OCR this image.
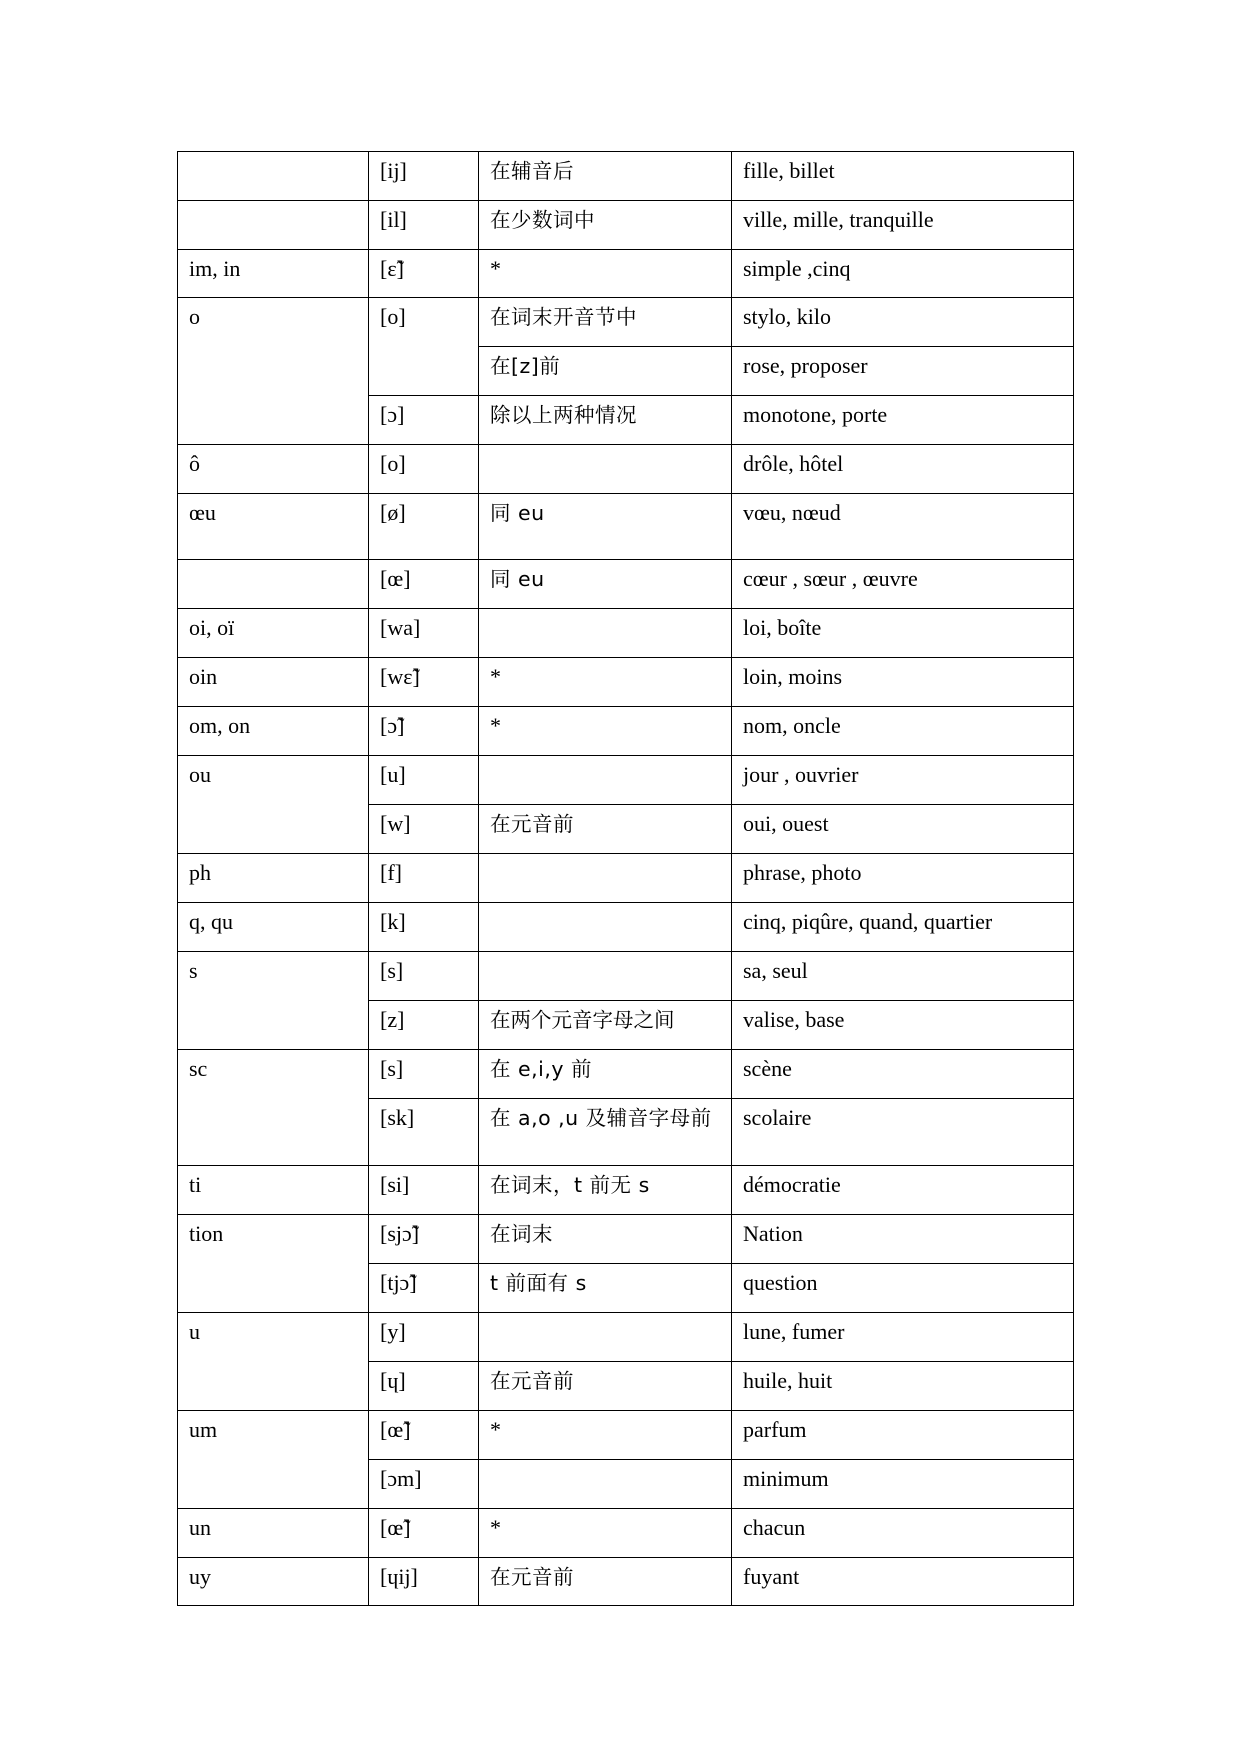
	[ij]	在辅音后	fille, billet
	[il]	在少数词中	ville, mille, tranquille
im, in	[ɛ̃]	*	simple ,cinq
o	[o]	在词末开音节中	stylo, kilo
		在[z]前	rose, proposer
	[ɔ]	除以上两种情况	monotone, porte
ô	[o]		drôle, hôtel
œu	[ø]	同 eu	vœu, nœud
	[œ]	同 eu	cœur , sœur , œuvre
oi, oï	[wa]		loi, boîte
oin	[wɛ̃]	*	loin, moins
om, on	[ɔ̃]	*	nom, oncle
ou	[u]		jour , ouvrier
	[w]	在元音前	oui, ouest
ph	[f]		phrase, photo
q, qu	[k]		cinq, piqûre, quand, quartier
s	[s]		sa, seul
	[z]	在两个元音字母之间	valise, base
sc	[s]	在 e,i,y 前	scène
	[sk]	在 a,o ,u 及辅音字母前	scolaire
ti	[si]	在词末，t 前无 s	démocratie
tion	[sjɔ̃]	在词末	Nation
	[tjɔ̃]	t 前面有 s	question
u	[y]		lune, fumer
	[ɥ]	在元音前	huile, huit
um	[œ̃]	*	parfum
	[ɔm]		minimum
un	[œ̃]	*	chacun
uy	[ɥij]	在元音前	fuyant
